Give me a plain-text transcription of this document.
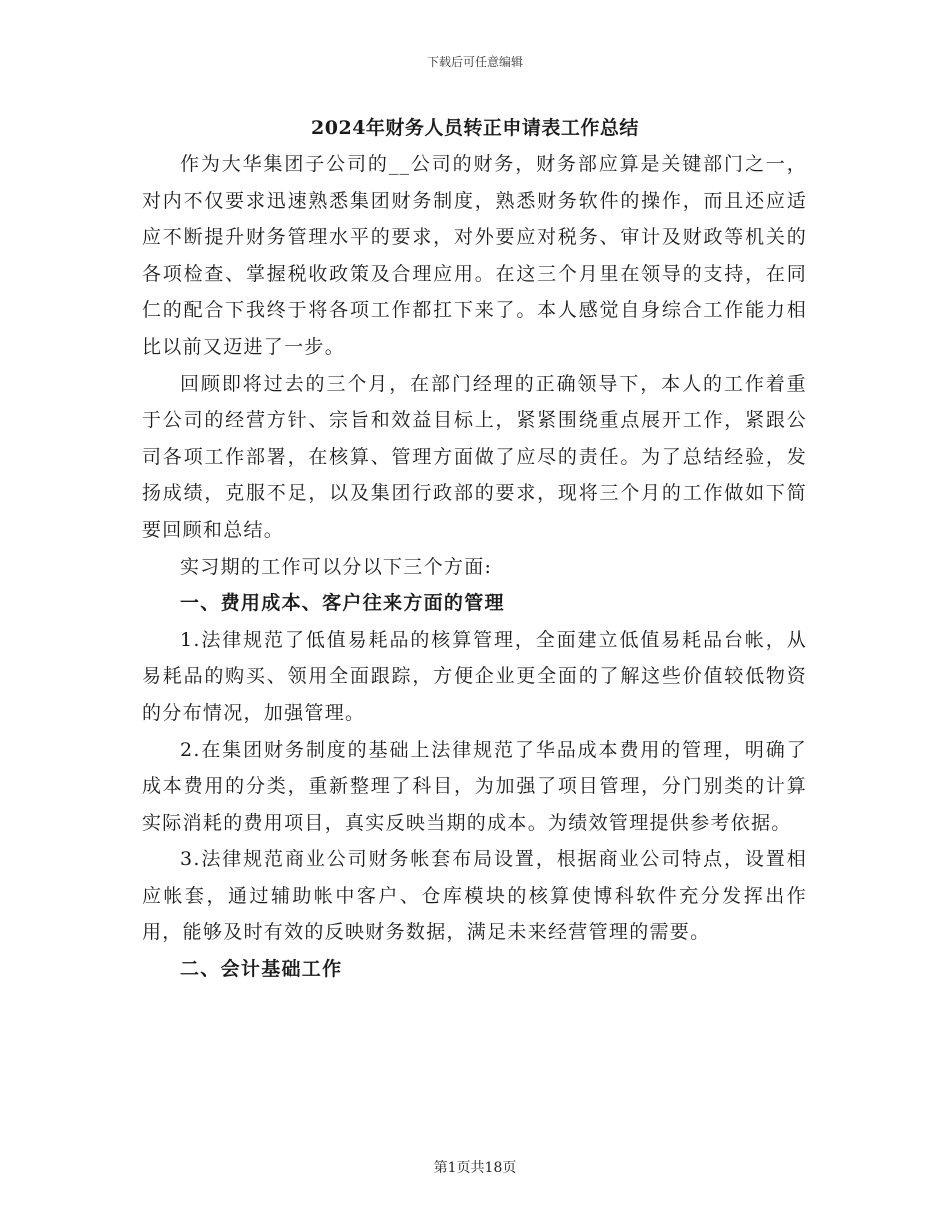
下载后可任意编辑
2024年财务人员转正申请表工作总结

作为大华集团子公司的__公司的财务，财务部应算是关键部门之一，对内不仅要求迅速熟悉集团财务制度，熟悉财务软件的操作，而且还应适应不断提升财务管理水平的要求，对外要应对税务、审计及财政等机关的各项检查、掌握税收政策及合理应用。在这三个月里在领导的支持，在同仁的配合下我终于将各项工作都扛下来了。本人感觉自身综合工作能力相比以前又迈进了一步。

回顾即将过去的三个月，在部门经理的正确领导下，本人的工作着重于公司的经营方针、宗旨和效益目标上，紧紧围绕重点展开工作，紧跟公司各项工作部署，在核算、管理方面做了应尽的责任。为了总结经验，发扬成绩，克服不足，以及集团行政部的要求，现将三个月的工作做如下简要回顾和总结。

实习期的工作可以分以下三个方面:

一、费用成本、客户往来方面的管理

1.法律规范了低值易耗品的核算管理，全面建立低值易耗品台帐，从易耗品的购买、领用全面跟踪，方便企业更全面的了解这些价值较低物资的分布情况，加强管理。

2.在集团财务制度的基础上法律规范了华品成本费用的管理，明确了成本费用的分类，重新整理了科目，为加强了项目管理，分门别类的计算实际消耗的费用项目，真实反映当期的成本。为绩效管理提供参考依据。

3.法律规范商业公司财务帐套布局设置，根据商业公司特点，设置相应帐套，通过辅助帐中客户、仓库模块的核算使博科软件充分发挥出作用，能够及时有效的反映财务数据，满足未来经营管理的需要。

二、会计基础工作

第1页共18页
